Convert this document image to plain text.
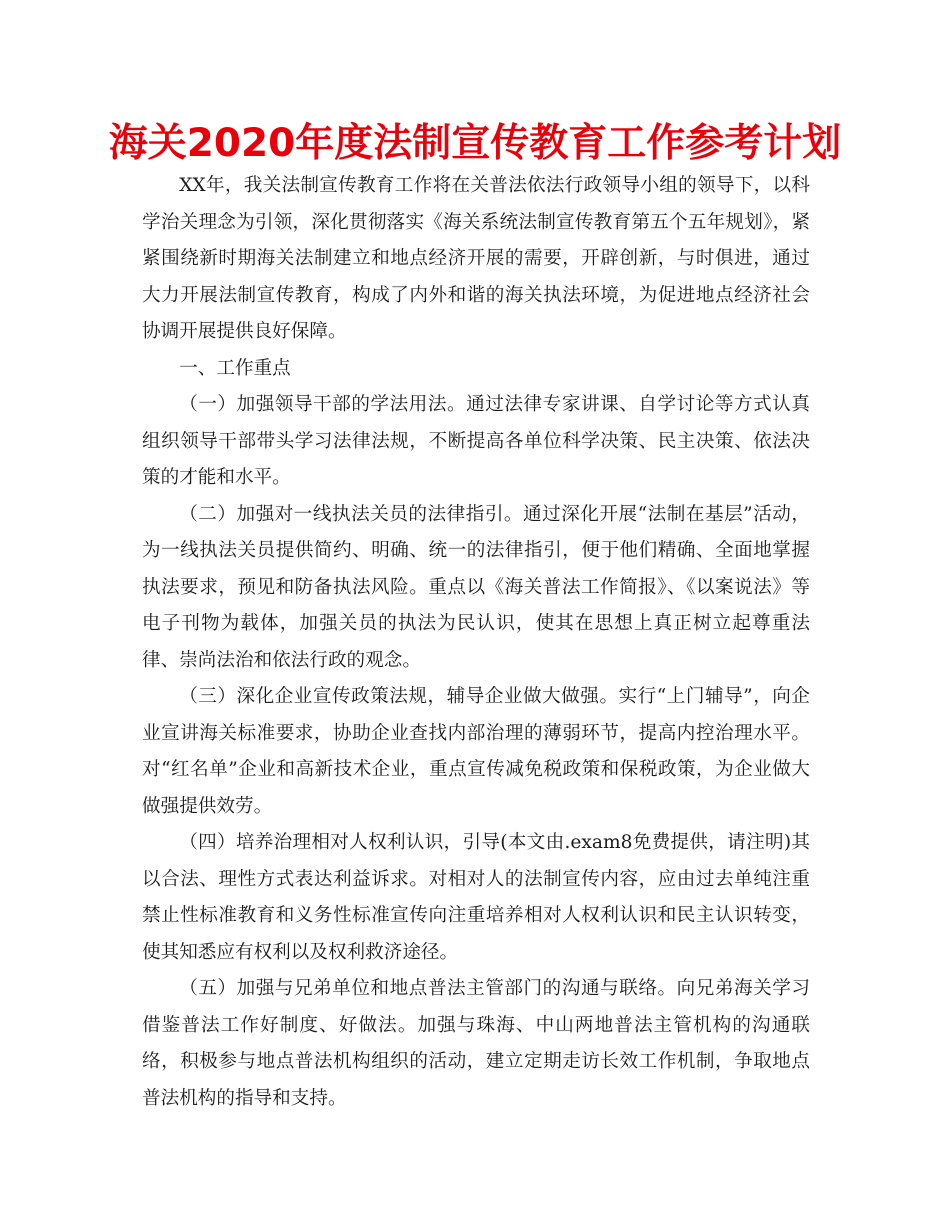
海关2020年度法制宣传教育工作参考计划

XX年，我关法制宣传教育工作将在关普法依法行政领导小组的领导下，以科学治关理念为引领，深化贯彻落实《海关系统法制宣传教育第五个五年规划》，紧紧围绕新时期海关法制建立和地点经济开展的需要，开辟创新，与时俱进，通过大力开展法制宣传教育，构成了内外和谐的海关执法环境，为促进地点经济社会协调开展提供良好保障。

一、工作重点

（一）加强领导干部的学法用法。通过法律专家讲课、自学讨论等方式认真组织领导干部带头学习法律法规，不断提高各单位科学决策、民主决策、依法决策的才能和水平。

（二）加强对一线执法关员的法律指引。通过深化开展“法制在基层”活动，为一线执法关员提供简约、明确、统一的法律指引，便于他们精确、全面地掌握执法要求，预见和防备执法风险。重点以《海关普法工作简报》、《以案说法》等电子刊物为载体，加强关员的执法为民认识，使其在思想上真正树立起尊重法律、崇尚法治和依法行政的观念。

（三）深化企业宣传政策法规，辅导企业做大做强。实行“上门辅导”，向企业宣讲海关标准要求，协助企业查找内部治理的薄弱环节，提高内控治理水平。对“红名单”企业和高新技术企业，重点宣传减免税政策和保税政策，为企业做大做强提供效劳。

（四）培养治理相对人权利认识，引导(本文由.exam8免费提供，请注明)其以合法、理性方式表达利益诉求。对相对人的法制宣传内容，应由过去单纯注重禁止性标准教育和义务性标准宣传向注重培养相对人权利认识和民主认识转变，使其知悉应有权利以及权利救济途径。

（五）加强与兄弟单位和地点普法主管部门的沟通与联络。向兄弟海关学习借鉴普法工作好制度、好做法。加强与珠海、中山两地普法主管机构的沟通联络，积极参与地点普法机构组织的活动，建立定期走访长效工作机制，争取地点普法机构的指导和支持。
